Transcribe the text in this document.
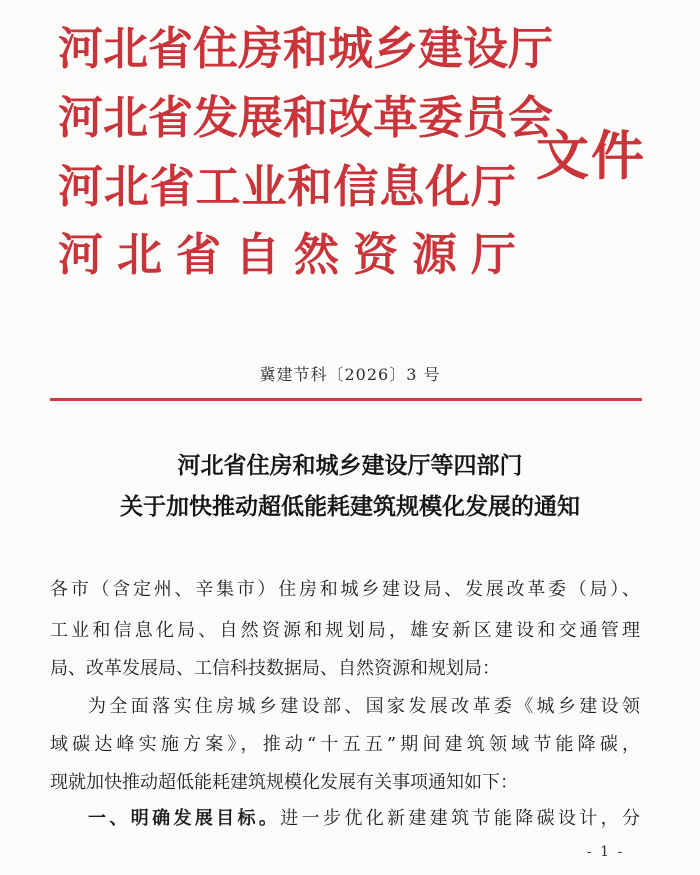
河北省住房和城乡建设厅
河北省发展和改革委员会
河北省工业和信息化厅
河北省自然资源厅
文件
冀建节科〔2026〕3 号
河北省住房和城乡建设厅等四部门
关于加快推动超低能耗建筑规模化发展的通知
各市（含定州、辛集市）住房和城乡建设局、发展改革委（局）、
工业和信息化局、自然资源和规划局，雄安新区建设和交通管理
局、改革发展局、工信科技数据局、自然资源和规划局：
为全面落实住房城乡建设部、国家发展改革委《城乡建设领
域碳达峰实施方案》，推动“十五五”期间建筑领域节能降碳，
现就加快推动超低能耗建筑规模化发展有关事项通知如下：
一、明确发展目标。进一步优化新建建筑节能降碳设计，分
- 1 -
